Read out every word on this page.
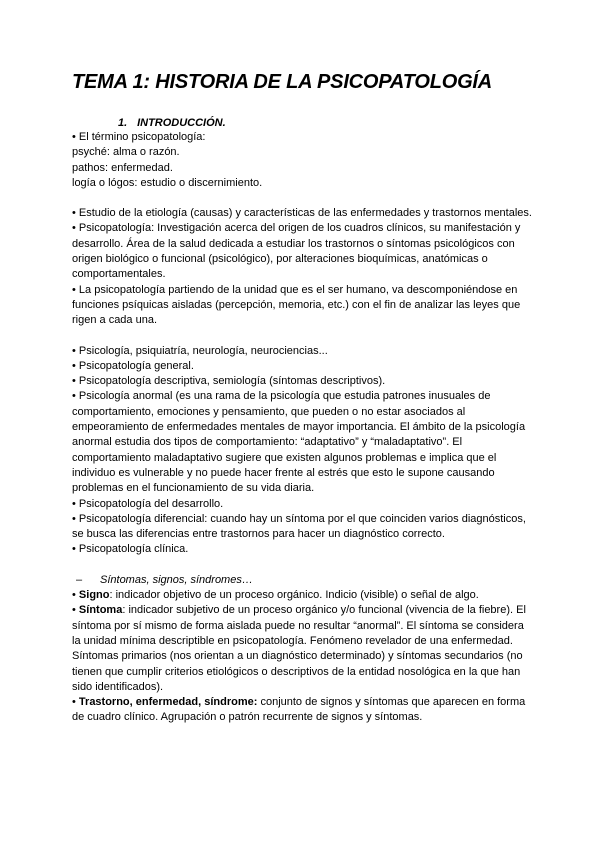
TEMA 1: HISTORIA DE LA PSICOPATOLOGÍA
1. INTRODUCCIÓN.

• El término psicopatología:

psyché: alma o razón.

pathos: enfermedad.

logía o lógos: estudio o discernimiento.

• Estudio de la etiología (causas) y características de las enfermedades y trastornos mentales.

• Psicopatología: Investigación acerca del origen de los cuadros clínicos, su manifestación y desarrollo. Área de la salud dedicada a estudiar los trastornos o síntomas psicológicos con origen biológico o funcional (psicológico), por alteraciones bioquímicas, anatómicas o comportamentales.

• La psicopatología partiendo de la unidad que es el ser humano, va descomponiéndose en funciones psíquicas aisladas (percepción, memoria, etc.) con el fin de analizar las leyes que rigen a cada una.

• Psicología, psiquiatría, neurología, neurociencias...

• Psicopatología general.

• Psicopatología descriptiva, semiología (síntomas descriptivos).

• Psicología anormal (es una rama de la psicología que estudia patrones inusuales de comportamiento, emociones y pensamiento, que pueden o no estar asociados al empeoramiento de enfermedades mentales de mayor importancia. El ámbito de la psicología anormal estudia dos tipos de comportamiento: “adaptativo” y “maladaptativo”. El comportamiento maladaptativo sugiere que existen algunos problemas e implica que el individuo es vulnerable y no puede hacer frente al estrés que esto le supone causando problemas en el funcionamiento de su vida diaria.

• Psicopatología del desarrollo.

• Psicopatología diferencial: cuando hay un síntoma por el que coinciden varios diagnósticos, se busca las diferencias entre trastornos para hacer un diagnóstico correcto.

• Psicopatología clínica.

– Síntomas, signos, síndromes…

• Signo: indicador objetivo de un proceso orgánico. Indicio (visible) o señal de algo.

• Síntoma: indicador subjetivo de un proceso orgánico y/o funcional (vivencia de la fiebre). El síntoma por sí mismo de forma aislada puede no resultar “anormal”. El síntoma se considera la unidad mínima descriptible en psicopatología. Fenómeno revelador de una enfermedad. Síntomas primarios (nos orientan a un diagnóstico determinado) y síntomas secundarios (no tienen que cumplir criterios etiológicos o descriptivos de la entidad nosológica en la que han sido identificados).

• Trastorno, enfermedad, síndrome: conjunto de signos y síntomas que aparecen en forma de cuadro clínico. Agrupación o patrón recurrente de signos y síntomas.
